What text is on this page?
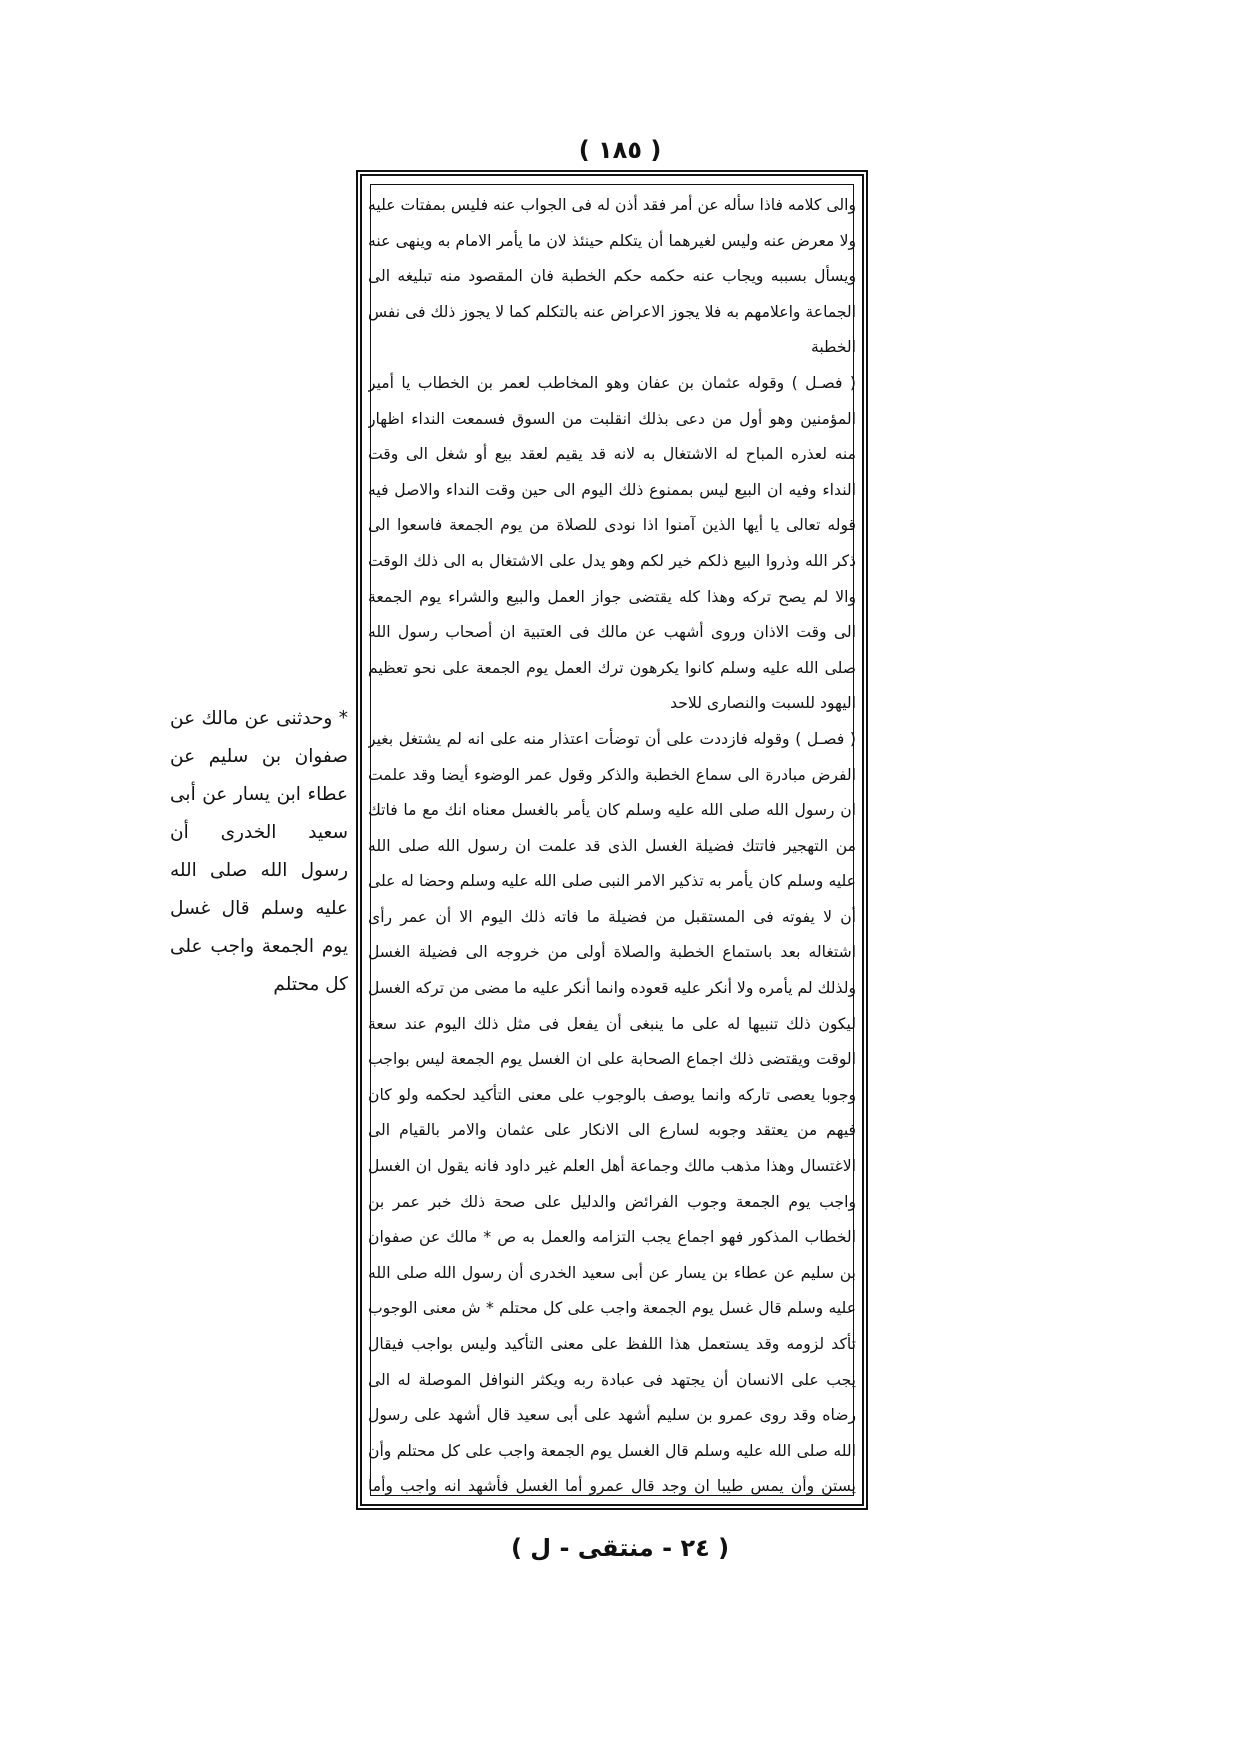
( ١٨٥ )

والى كلامه فاذا سأله عن أمر فقد أذن له فى الجواب عنه فليس بمفتات عليه ولا معرض عنه وليس لغيرهما أن يتكلم حينئذ لان ما يأمر الامام به وينهى عنه ويسأل بسببه ويجاب عنه حكمه حكم الخطبة فان المقصود منه تبليغه الى الجماعة واعلامهم به فلا يجوز الاعراض عنه بالتكلم كما لا يجوز ذلك فى نفس الخطبة

( فصـل ) وقوله عثمان بن عفان وهو المخاطب لعمر بن الخطاب يا أمير المؤمنين وهو أول من دعى بذلك انقلبت من السوق فسمعت النداء اظهار منه لعذره المباح له الاشتغال به لانه قد يقيم لعقد بيع أو شغل الى وقت النداء وفيه ان البيع ليس بممنوع ذلك اليوم الى حين وقت النداء والاصل فيه قوله تعالى يا أيها الذين آمنوا اذا نودى للصلاة من يوم الجمعة فاسعوا الى ذكر الله وذروا البيع ذلكم خير لكم وهو يدل على الاشتغال به الى ذلك الوقت والا لم يصح تركه وهذا كله يقتضى جواز العمل والبيع والشراء يوم الجمعة الى وقت الاذان وروى أشهب عن مالك فى العتبية ان أصحاب رسول الله صلى الله عليه وسلم كانوا يكرهون ترك العمل يوم الجمعة على نحو تعظيم اليهود للسبت والنصارى للاحد

( فصـل ) وقوله فازددت على أن توضأت اعتذار منه على انه لم يشتغل بغير الفرض مبادرة الى سماع الخطبة والذكر وقول عمر الوضوء أيضا وقد علمت ان رسول الله صلى الله عليه وسلم كان يأمر بالغسل معناه انك مع ما فاتك من التهجير فاتتك فضيلة الغسل الذى قد علمت ان رسول الله صلى الله عليه وسلم كان يأمر به تذكير الامر النبى صلى الله عليه وسلم وحضا له على أن لا يفوته فى المستقبل من فضيلة ما فاته ذلك اليوم الا أن عمر رأى اشتغاله بعد باستماع الخطبة والصلاة أولى من خروجه الى فضيلة الغسل ولذلك لم يأمره ولا أنكر عليه قعوده وانما أنكر عليه ما مضى من تركه الغسل ليكون ذلك تنبيها له على ما ينبغى أن يفعل فى مثل ذلك اليوم عند سعة الوقت ويقتضى ذلك اجماع الصحابة على ان الغسل يوم الجمعة ليس بواجب وجوبا يعصى تاركه وانما يوصف بالوجوب على معنى التأكيد لحكمه ولو كان فيهم من يعتقد وجوبه لسارع الى الانكار على عثمان والامر بالقيام الى الاغتسال وهذا مذهب مالك وجماعة أهل العلم غير داود فانه يقول ان الغسل واجب يوم الجمعة وجوب الفرائض والدليل على صحة ذلك خبر عمر بن الخطاب المذكور فهو اجماع يجب التزامه والعمل به ص * مالك عن صفوان بن سليم عن عطاء بن يسار عن أبى سعيد الخدرى أن رسول الله صلى الله عليه وسلم قال غسل يوم الجمعة واجب على كل محتلم * ش معنى الوجوب تأكد لزومه وقد يستعمل هذا اللفظ على معنى التأكيد وليس بواجب فيقال يجب على الانسان أن يجتهد فى عبادة ربه ويكثر النوافل الموصلة له الى رضاه وقد روى عمرو بن سليم أشهد على أبى سعيد قال أشهد على رسول الله صلى الله عليه وسلم قال الغسل يوم الجمعة واجب على كل محتلم وأن يستن وأن يمس طيبا ان وجد قال عمرو أما الغسل فأشهد انه واجب وأما

* وحدثنى عن مالك عن صفوان بن سليم عن عطاء ابن يسار عن أبى سعيد الخدرى أن رسول الله صلى الله عليه وسلم قال غسل يوم الجمعة واجب على كل محتلم
( ٢٤ - منتقى - ل )
